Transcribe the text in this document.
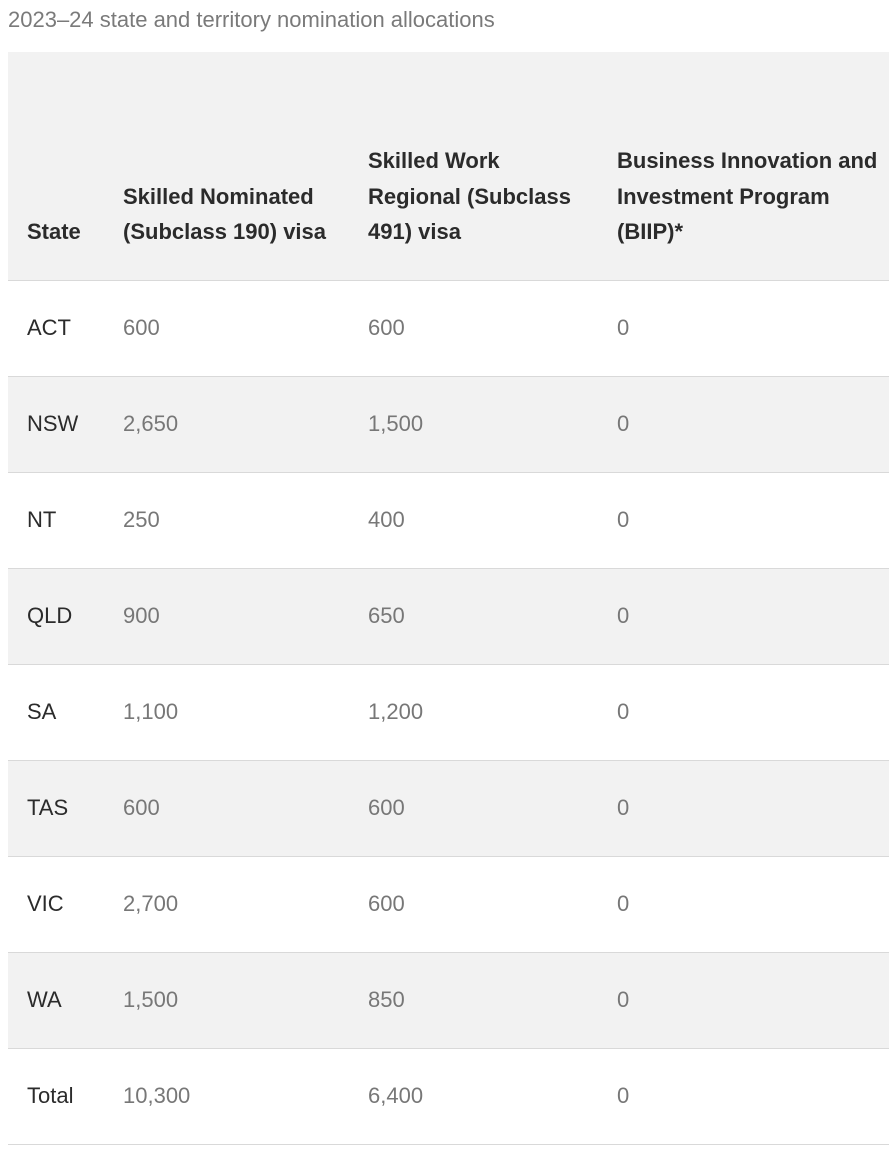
2023–24 state and territory nomination allocations

State	Skilled Nominated (Subclass 190) visa	Skilled Work Regional (Subclass 491) visa	Business Innovation and Investment Program (BIIP)*
ACT	600	600	0
NSW	2,650	1,500	0
NT	250	400	0
QLD	900	650	0
SA	1,100	1,200	0
TAS	600	600	0
VIC	2,700	600	0
WA	1,500	850	0
Total	10,300	6,400	0
